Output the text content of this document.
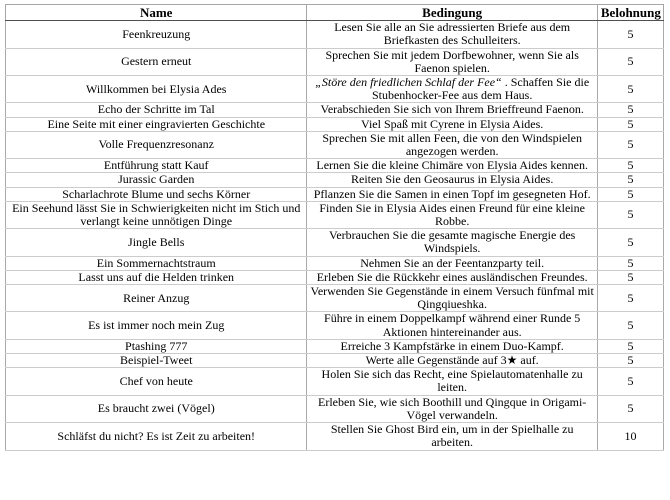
Name	Bedingung	Belohnung
Feenkreuzung	Lesen Sie alle an Sie adressierten Briefe aus dem Briefkasten des Schulleiters.	5
Gestern erneut	Sprechen Sie mit jedem Dorfbewohner, wenn Sie als Faenon spielen.	5
Willkommen bei Elysia Ades	„Störe den friedlichen Schlaf der Fee“ . Schaffen Sie die Stubenhocker-Fee aus dem Haus.	5
Echo der Schritte im Tal	Verabschieden Sie sich von Ihrem Brieffreund Faenon.	5
Eine Seite mit einer eingravierten Geschichte	Viel Spaß mit Cyrene in Elysia Aides.	5
Volle Frequenzresonanz	Sprechen Sie mit allen Feen, die von den Windspielen angezogen werden.	5
Entführung statt Kauf	Lernen Sie die kleine Chimäre von Elysia Aides kennen.	5
Jurassic Garden	Reiten Sie den Geosaurus in Elysia Aides.	5
Scharlachrote Blume und sechs Körner	Pflanzen Sie die Samen in einen Topf im gesegneten Hof.	5
Ein Seehund lässt Sie in Schwierigkeiten nicht im Stich und verlangt keine unnötigen Dinge	Finden Sie in Elysia Aides einen Freund für eine kleine Robbe.	5
Jingle Bells	Verbrauchen Sie die gesamte magische Energie des Windspiels.	5
Ein Sommernachtstraum	Nehmen Sie an der Feentanzparty teil.	5
Lasst uns auf die Helden trinken	Erleben Sie die Rückkehr eines ausländischen Freundes.	5
Reiner Anzug	Verwenden Sie Gegenstände in einem Versuch fünfmal mit Qingqiueshka.	5
Es ist immer noch mein Zug	Führe in einem Doppelkampf während einer Runde 5 Aktionen hintereinander aus.	5
Ptashing 777	Erreiche 3 Kampfstärke in einem Duo-Kampf.	5
Beispiel-Tweet	Werte alle Gegenstände auf 3★ auf.	5
Chef von heute	Holen Sie sich das Recht, eine Spielautomatenhalle zu leiten.	5
Es braucht zwei (Vögel)	Erleben Sie, wie sich Boothill und Qingque in Origami-Vögel verwandeln.	5
Schläfst du nicht? Es ist Zeit zu arbeiten!	Stellen Sie Ghost Bird ein, um in der Spielhalle zu arbeiten.	10
